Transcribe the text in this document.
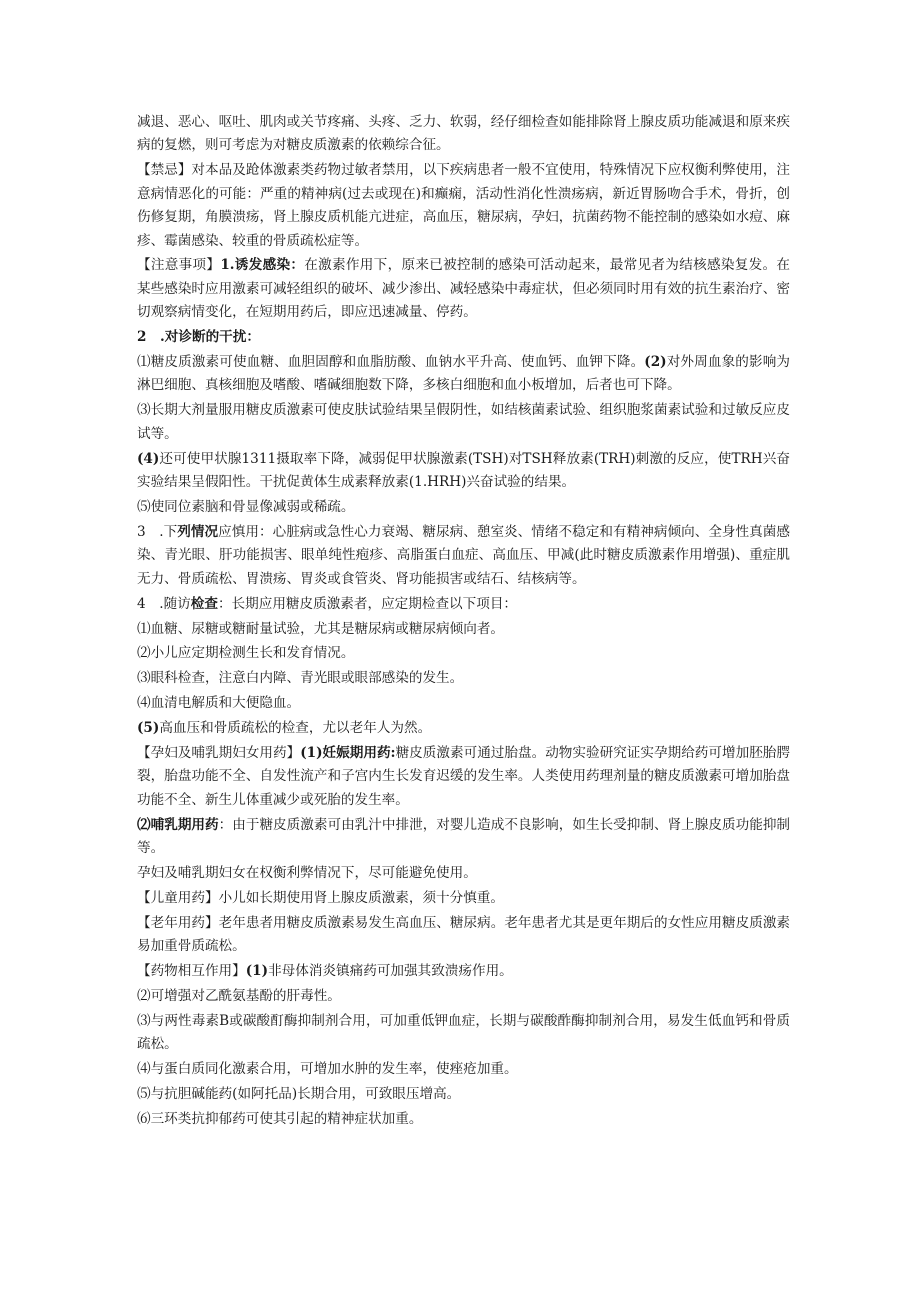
减退、恶心、呕吐、肌肉或关节疼痛、头疼、乏力、软弱，经仔细检查如能排除肾上腺皮质功能减退和原来疾病的复燃，则可考虑为对糖皮质激素的依赖综合征。

【禁忌】对本品及跄体激素类药物过敏者禁用，以下疾病患者一般不宜使用，特殊情况下应权衡利弊使用，注意病情恶化的可能：严重的精神病(过去或现在)和癫痫，活动性消化性溃疡病，新近胃肠吻合手术，骨折，创伤修复期，角膜溃疡，肾上腺皮质机能亢进症，高血压，糖尿病，孕妇，抗菌药物不能控制的感染如水痘、麻疹、霉菌感染、较重的骨质疏松症等。

【注意事项】1.诱发感染：在激素作用下，原来已被控制的感染可活动起来，最常见者为结核感染复发。在某些感染时应用激素可减轻组织的破坏、减少渗出、减轻感染中毒症状，但必须同时用有效的抗生素治疗、密切观察病情变化，在短期用药后，即应迅速减量、停药。

2　.对诊断的干扰：

⑴糖皮质激素可使血糖、血胆固醇和血脂肪酸、血钠水平升高、使血钙、血钾下降。(2)对外周血象的影响为淋巴细胞、真核细胞及嗜酸、嗜碱细胞数下降，多核白细胞和血小板增加，后者也可下降。

⑶长期大剂量服用糖皮质激素可使皮肤试验结果呈假阴性，如结核菌素试验、组织胞浆菌素试验和过敏反应皮试等。

(4)还可使甲状腺1311摄取率下降，减弱促甲状腺激素(TSH)对TSH释放素(TRH)刺激的反应，使TRH兴奋实验结果呈假阳性。干扰促黄体生成素释放素(1.HRH)兴奋试验的结果。

⑸使同位素脑和骨显像减弱或稀疏。

3　.下列情况应慎用：心脏病或急性心力衰竭、糖尿病、憩室炎、情绪不稳定和有精神病倾向、全身性真菌感染、青光眼、肝功能损害、眼单纯性疱疹、高脂蛋白血症、高血压、甲减(此时糖皮质激素作用增强)、重症肌无力、骨质疏松、胃溃疡、胃炎或食管炎、肾功能损害或结石、结核病等。

4　.随访检查：长期应用糖皮质激素者，应定期检查以下项目：

⑴血糖、尿糖或糖耐量试验，尤其是糖尿病或糖尿病倾向者。

⑵小儿应定期检测生长和发育情况。

⑶眼科检查，注意白内障、青光眼或眼部感染的发生。

⑷血清电解质和大便隐血。

(5)高血压和骨质疏松的检查，尤以老年人为然。

【孕妇及哺乳期妇女用药】(1)妊娠期用药:糖皮质激素可通过胎盘。动物实验研究证实孕期给药可增加胚胎腭裂，胎盘功能不全、自发性流产和子宫内生长发育迟缓的发生率。人类使用药理剂量的糖皮质激素可增加胎盘功能不全、新生儿体重减少或死胎的发生率。

⑵哺乳期用药：由于糖皮质激素可由乳汁中排泄，对婴儿造成不良影响，如生长受抑制、肾上腺皮质功能抑制等。

孕妇及哺乳期妇女在权衡利弊情况下，尽可能避免使用。

【儿童用药】小儿如长期使用肾上腺皮质激素，须十分慎重。

【老年用药】老年患者用糖皮质激素易发生高血压、糖尿病。老年患者尤其是更年期后的女性应用糖皮质激素易加重骨质疏松。

【药物相互作用】(1)非母体消炎镇痛药可加强其致溃疡作用。

⑵可增强对乙酰氨基酚的肝毒性。

⑶与两性毒素B或碳酸酊酶抑制剂合用，可加重低钾血症，长期与碳酸酢酶抑制剂合用，易发生低血钙和骨质疏松。

⑷与蛋白质同化激素合用，可增加水肿的发生率，使痤疮加重。

⑸与抗胆碱能药(如阿托品)长期合用，可致眼压增高。

⑹三环类抗抑郁药可使其引起的精神症状加重。
